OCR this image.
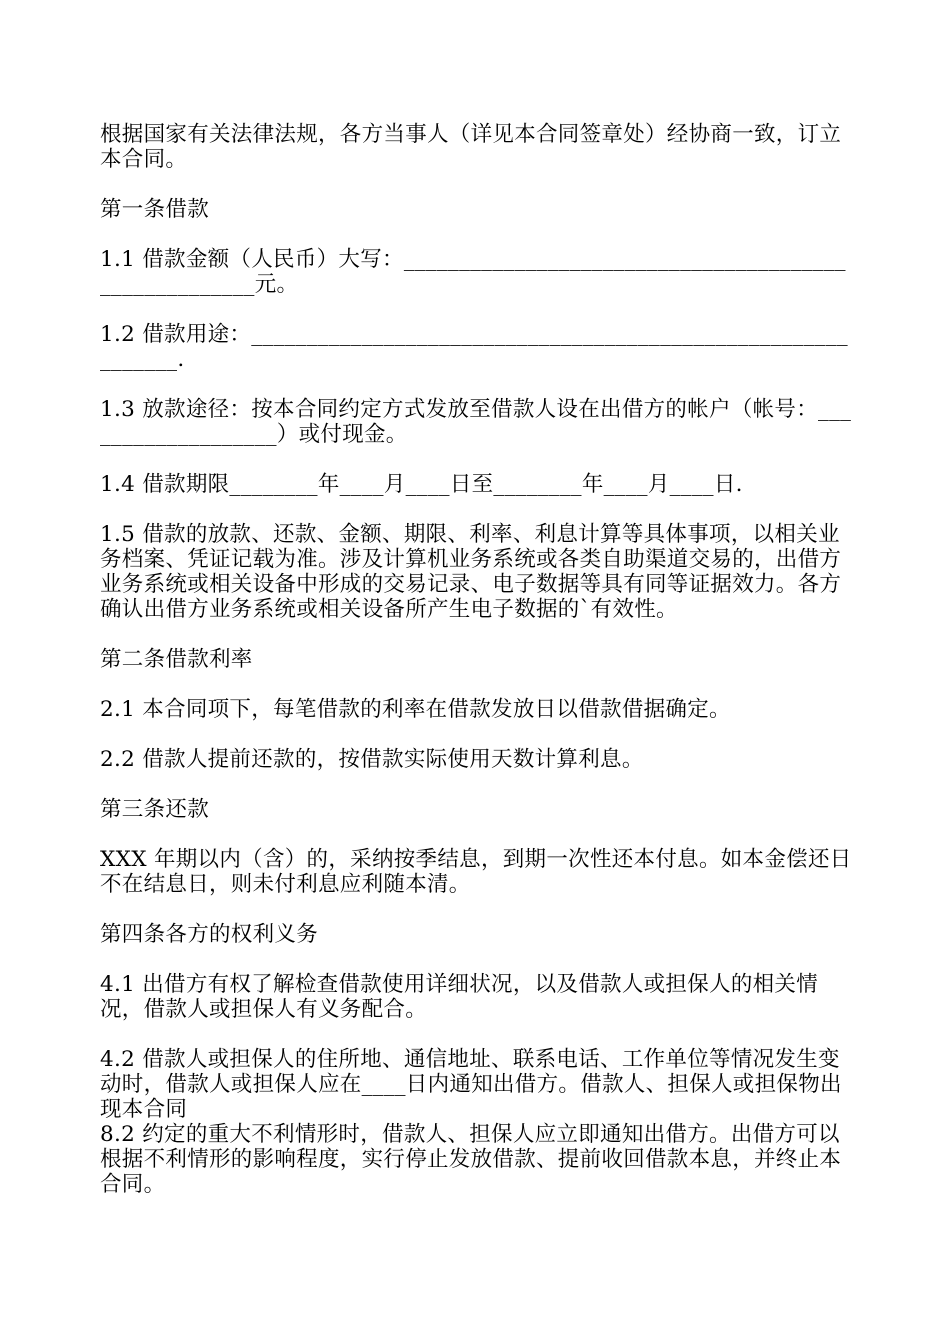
根据国家有关法律法规，各方当事人（详见本合同签章处）经协商一致，订立本合同。

第一条借款

1.1 借款金额（人民币）大写：______________________________________________________元。

1.2 借款用途：_____________________________________________________________.

1.3 放款途径：按本合同约定方式发放至借款人设在出借方的帐户（帐号：___________________）或付现金。

1.4 借款期限________年____月____日至________年____月____日.

1.5 借款的放款、还款、金额、期限、利率、利息计算等具体事项，以相关业务档案、凭证记载为准。涉及计算机业务系统或各类自助渠道交易的，出借方业务系统或相关设备中形成的交易记录、电子数据等具有同等证据效力。各方确认出借方业务系统或相关设备所产生电子数据的`有效性。

第二条借款利率

2.1 本合同项下，每笔借款的利率在借款发放日以借款借据确定。

2.2 借款人提前还款的，按借款实际使用天数计算利息。

第三条还款

XXX 年期以内（含）的，采纳按季结息，到期一次性还本付息。如本金偿还日不在结息日，则未付利息应利随本清。

第四条各方的权利义务

4.1 出借方有权了解检查借款使用详细状况，以及借款人或担保人的相关情况，借款人或担保人有义务配合。

4.2 借款人或担保人的住所地、通信地址、联系电话、工作单位等情况发生变动时，借款人或担保人应在____日内通知出借方。借款人、担保人或担保物出现本合同

8.2 约定的重大不利情形时，借款人、担保人应立即通知出借方。出借方可以根据不利情形的影响程度，实行停止发放借款、提前收回借款本息，并终止本合同。
